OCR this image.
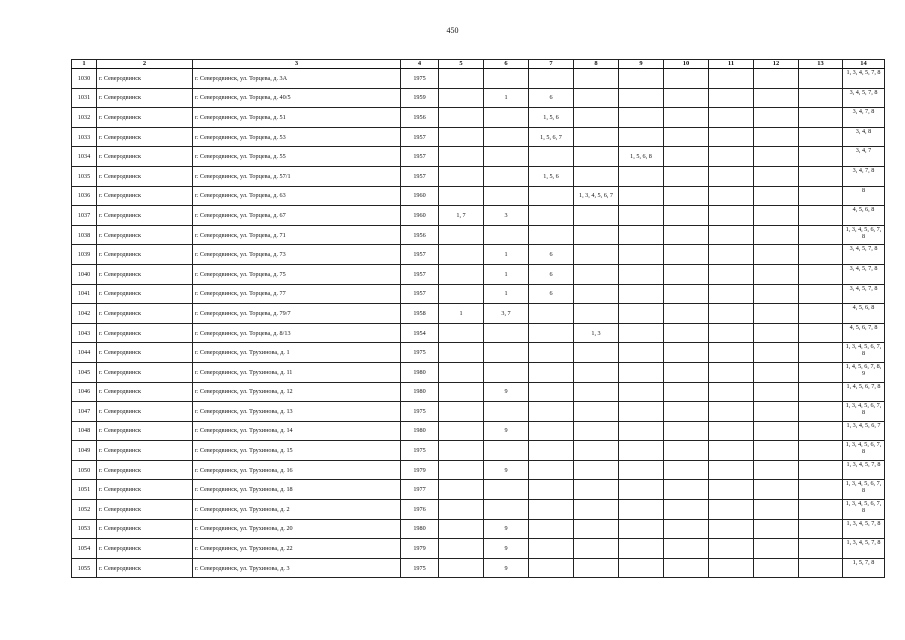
450
1	2	3	4	5	6	7	8	9	10	11	12	13	14
1030	г. Северодвинск	г. Северодвинск, ул. Торцева, д. 3А	1975										1, 3, 4, 5, 7, 8
1031	г. Северодвинск	г. Северодвинск, ул. Торцева, д. 40/5	1959		1	6							3, 4, 5, 7, 8
1032	г. Северодвинск	г. Северодвинск, ул. Торцева, д. 51	1956			1, 5, 6							3, 4, 7, 8
1033	г. Северодвинск	г. Северодвинск, ул. Торцева, д. 53	1957			1, 5, 6, 7							3, 4, 8
1034	г. Северодвинск	г. Северодвинск, ул. Торцева, д. 55	1957					1, 5, 6, 8					3, 4, 7
1035	г. Северодвинск	г. Северодвинск, ул. Торцева, д. 57/1	1957			1, 5, 6							3, 4, 7, 8
1036	г. Северодвинск	г. Северодвинск, ул. Торцева, д. 63	1960				1, 3, 4, 5, 6, 7						8
1037	г. Северодвинск	г. Северодвинск, ул. Торцева, д. 67	1960	1, 7	3								4, 5, 6, 8
1038	г. Северодвинск	г. Северодвинск, ул. Торцева, д. 71	1956										1, 3, 4, 5, 6, 7, 8
1039	г. Северодвинск	г. Северодвинск, ул. Торцева, д. 73	1957		1	6							3, 4, 5, 7, 8
1040	г. Северодвинск	г. Северодвинск, ул. Торцева, д. 75	1957		1	6							3, 4, 5, 7, 8
1041	г. Северодвинск	г. Северодвинск, ул. Торцева, д. 77	1957		1	6							3, 4, 5, 7, 8
1042	г. Северодвинск	г. Северодвинск, ул. Торцева, д. 79/7	1958	1	3, 7								4, 5, 6, 8
1043	г. Северодвинск	г. Северодвинск, ул. Торцева, д. 8/13	1954				1, 3						4, 5, 6, 7, 8
1044	г. Северодвинск	г. Северодвинск, ул. Трухинова, д. 1	1975										1, 3, 4, 5, 6, 7, 8
1045	г. Северодвинск	г. Северодвинск, ул. Трухинова, д. 11	1980										1, 4, 5, 6, 7, 8, 9
1046	г. Северодвинск	г. Северодвинск, ул. Трухинова, д. 12	1980		9								1, 4, 5, 6, 7, 8
1047	г. Северодвинск	г. Северодвинск, ул. Трухинова, д. 13	1975										1, 3, 4, 5, 6, 7, 8
1048	г. Северодвинск	г. Северодвинск, ул. Трухинова, д. 14	1980		9								1, 3, 4, 5, 6, 7
1049	г. Северодвинск	г. Северодвинск, ул. Трухинова, д. 15	1975										1, 3, 4, 5, 6, 7, 8
1050	г. Северодвинск	г. Северодвинск, ул. Трухинова, д. 16	1979		9								1, 3, 4, 5, 7, 8
1051	г. Северодвинск	г. Северодвинск, ул. Трухинова, д. 18	1977										1, 3, 4, 5, 6, 7, 8
1052	г. Северодвинск	г. Северодвинск, ул. Трухинова, д. 2	1976										1, 3, 4, 5, 6, 7, 8
1053	г. Северодвинск	г. Северодвинск, ул. Трухинова, д. 20	1980		9								1, 3, 4, 5, 7, 8
1054	г. Северодвинск	г. Северодвинск, ул. Трухинова, д. 22	1979		9								1, 3, 4, 5, 7, 8
1055	г. Северодвинск	г. Северодвинск, ул. Трухинова, д. 3	1975		9								1, 5, 7, 8
